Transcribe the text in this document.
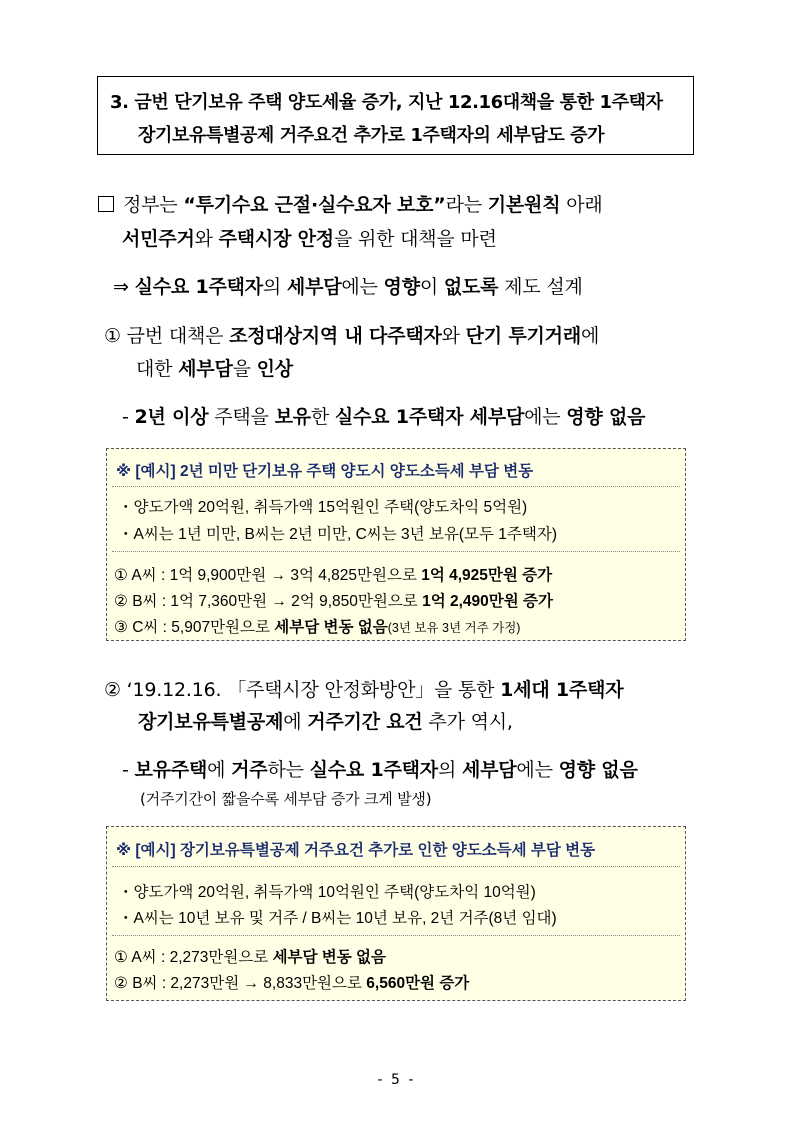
3. 금번 단기보유 주택 양도세율 증가, 지난 12.16대책을 통한 1주택자
장기보유특별공제 거주요건 추가로 1주택자의 세부담도 증가
정부는 “투기수요 근절·실수요자 보호”라는 기본원칙 아래
서민주거와 주택시장 안정을 위한 대책을 마련
⇒ 실수요 1주택자의 세부담에는 영향이 없도록 제도 설계
① 금번 대책은 조정대상지역 내 다주택자와 단기 투기거래에
대한 세부담을 인상
- 2년 이상 주택을 보유한 실수요 1주택자 세부담에는 영향 없음
※ [예시] 2년 미만 단기보유 주택 양도시 양도소득세 부담 변동
・양도가액 20억원, 취득가액 15억원인 주택(양도차익 5억원)
・A씨는 1년 미만, B씨는 2년 미만, C씨는 3년 보유(모두 1주택자)
① A씨 : 1억 9,900만원 → 3억 4,825만원으로 1억 4,925만원 증가
② B씨 : 1억 7,360만원 → 2억 9,850만원으로 1억 2,490만원 증가
③ C씨 : 5,907만원으로 세부담 변동 없음(3년 보유 3년 거주 가정)
② ‘19.12.16. 「주택시장 안정화방안」을 통한 1세대 1주택자
장기보유특별공제에 거주기간 요건 추가 역시,
- 보유주택에 거주하는 실수요 1주택자의 세부담에는 영향 없음
(거주기간이 짧을수록 세부담 증가 크게 발생)
※ [예시] 장기보유특별공제 거주요건 추가로 인한 양도소득세 부담 변동
・양도가액 20억원, 취득가액 10억원인 주택(양도차익 10억원)
・A씨는 10년 보유 및 거주 / B씨는 10년 보유, 2년 거주(8년 임대)
① A씨 : 2,273만원으로 세부담 변동 없음
② B씨 : 2,273만원 → 8,833만원으로 6,560만원 증가
- 5 -
